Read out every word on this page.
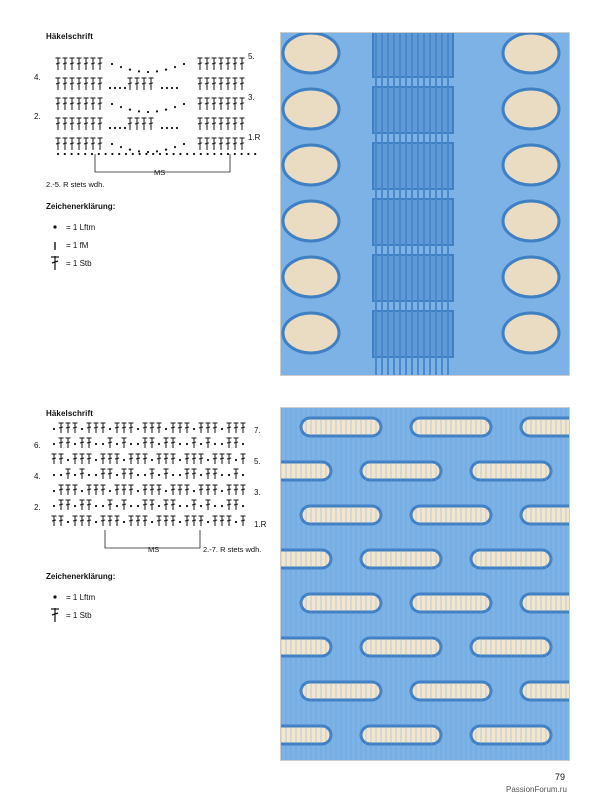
Häkelschrift
4.
2.
5.
3.
1.R
MS
2.-5. R stets wdh.
Zeichenerklärung:
= 1 Lftm
= 1 fM
= 1 Stb
Häkelschrift
6.
4.
2.
7.
5.
3.
1.R
MS	2.-7. R stets wdh.
Zeichenerklärung:
= 1 Lftm
= 1 Stb
79
PassionForum.ru
